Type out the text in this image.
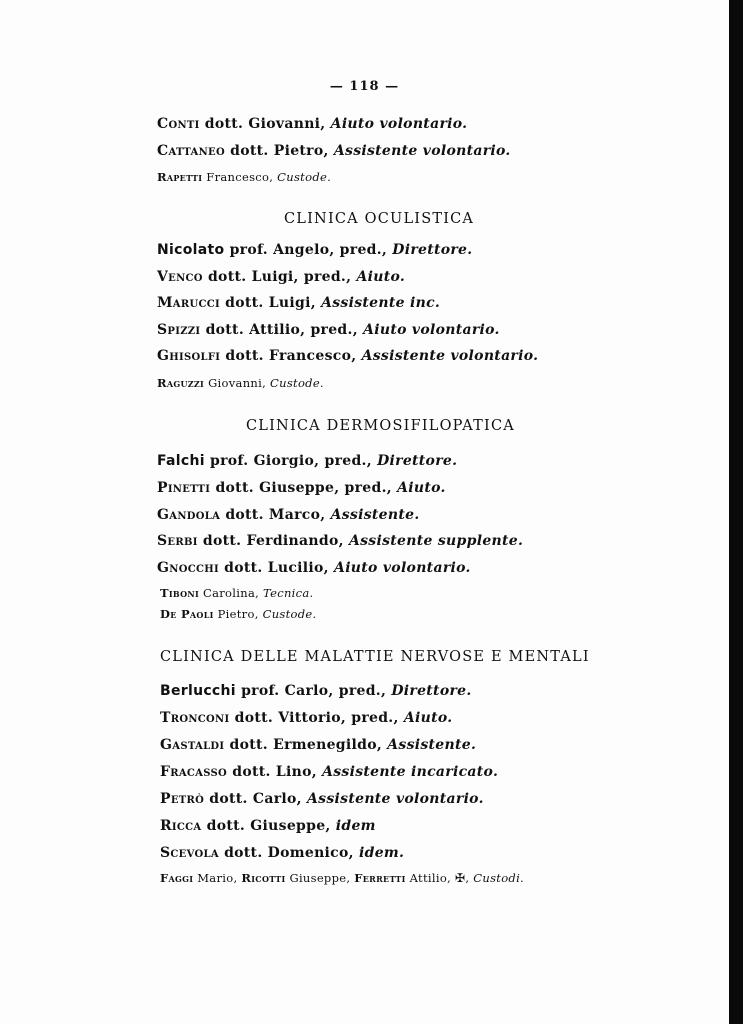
— 118 —
Conti dott. Giovanni, Aiuto volontario.
Cattaneo dott. Pietro, Assistente volontario.
Rapetti Francesco, Custode.
CLINICA OCULISTICA
Nicolato prof. Angelo, pred., Direttore.
Venco dott. Luigi, pred., Aiuto.
Marucci dott. Luigi, Assistente inc.
Spizzi dott. Attilio, pred., Aiuto volontario.
Ghisolfi dott. Francesco, Assistente volontario.
Raguzzi Giovanni, Custode.
CLINICA DERMOSIFILOPATICA
Falchi prof. Giorgio, pred., Direttore.
Pinetti dott. Giuseppe, pred., Aiuto.
Gandola dott. Marco, Assistente.
Serbi dott. Ferdinando, Assistente supplente.
Gnocchi dott. Lucilio, Aiuto volontario.
Tiboni Carolina, Tecnica.
De Paoli Pietro, Custode.
CLINICA DELLE MALATTIE NERVOSE E MENTALI
Berlucchi prof. Carlo, pred., Direttore.
Tronconi dott. Vittorio, pred., Aiuto.
Gastaldi dott. Ermenegildo, Assistente.
Fracasso dott. Lino, Assistente incaricato.
Petrò dott. Carlo, Assistente volontario.
Ricca dott. Giuseppe, idem
Scevola dott. Domenico, idem.
Faggi Mario, Ricotti Giuseppe, Ferretti Attilio, ✠, Custodi.
